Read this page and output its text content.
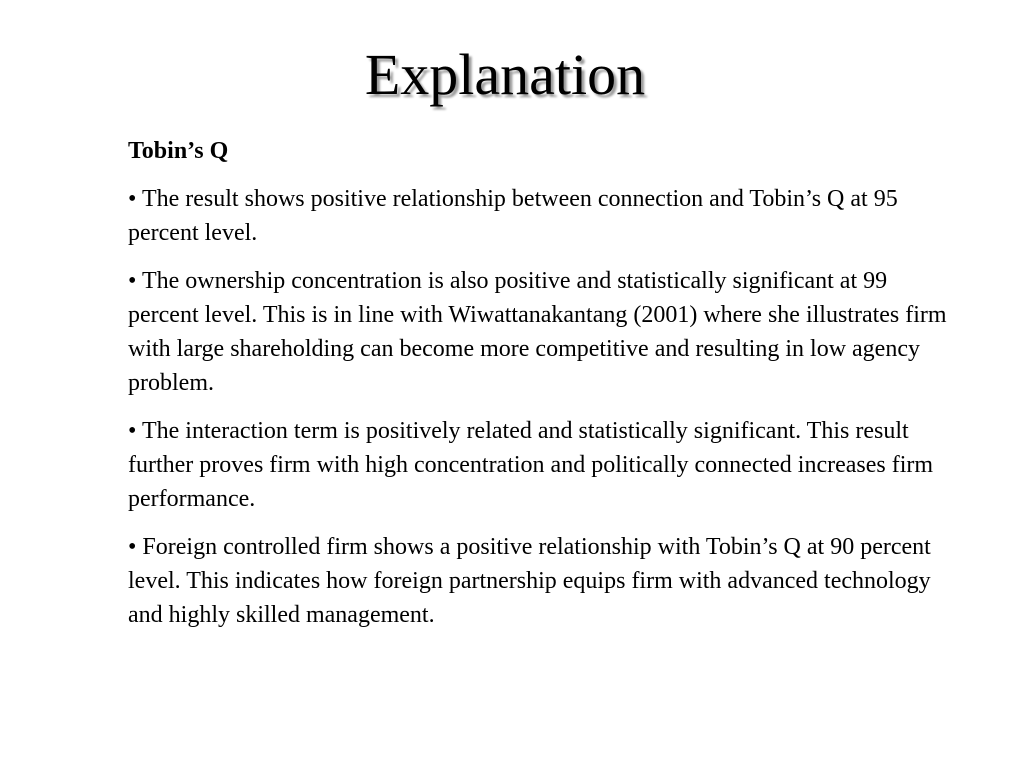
Explanation

Tobin’s Q

• The result shows positive relationship between connection and Tobin’s Q at 95 percent level.

• The ownership concentration is also positive and statistically significant at 99 percent level. This is in line with Wiwattanakantang (2001) where she illustrates firm with large shareholding can become more competitive and resulting in low agency problem.

• The interaction term is positively related and statistically significant. This result further proves firm with high concentration and politically connected increases firm performance.

• Foreign controlled firm shows a positive relationship with Tobin’s Q at 90 percent level. This indicates how foreign partnership equips firm with advanced technology and highly skilled management.
